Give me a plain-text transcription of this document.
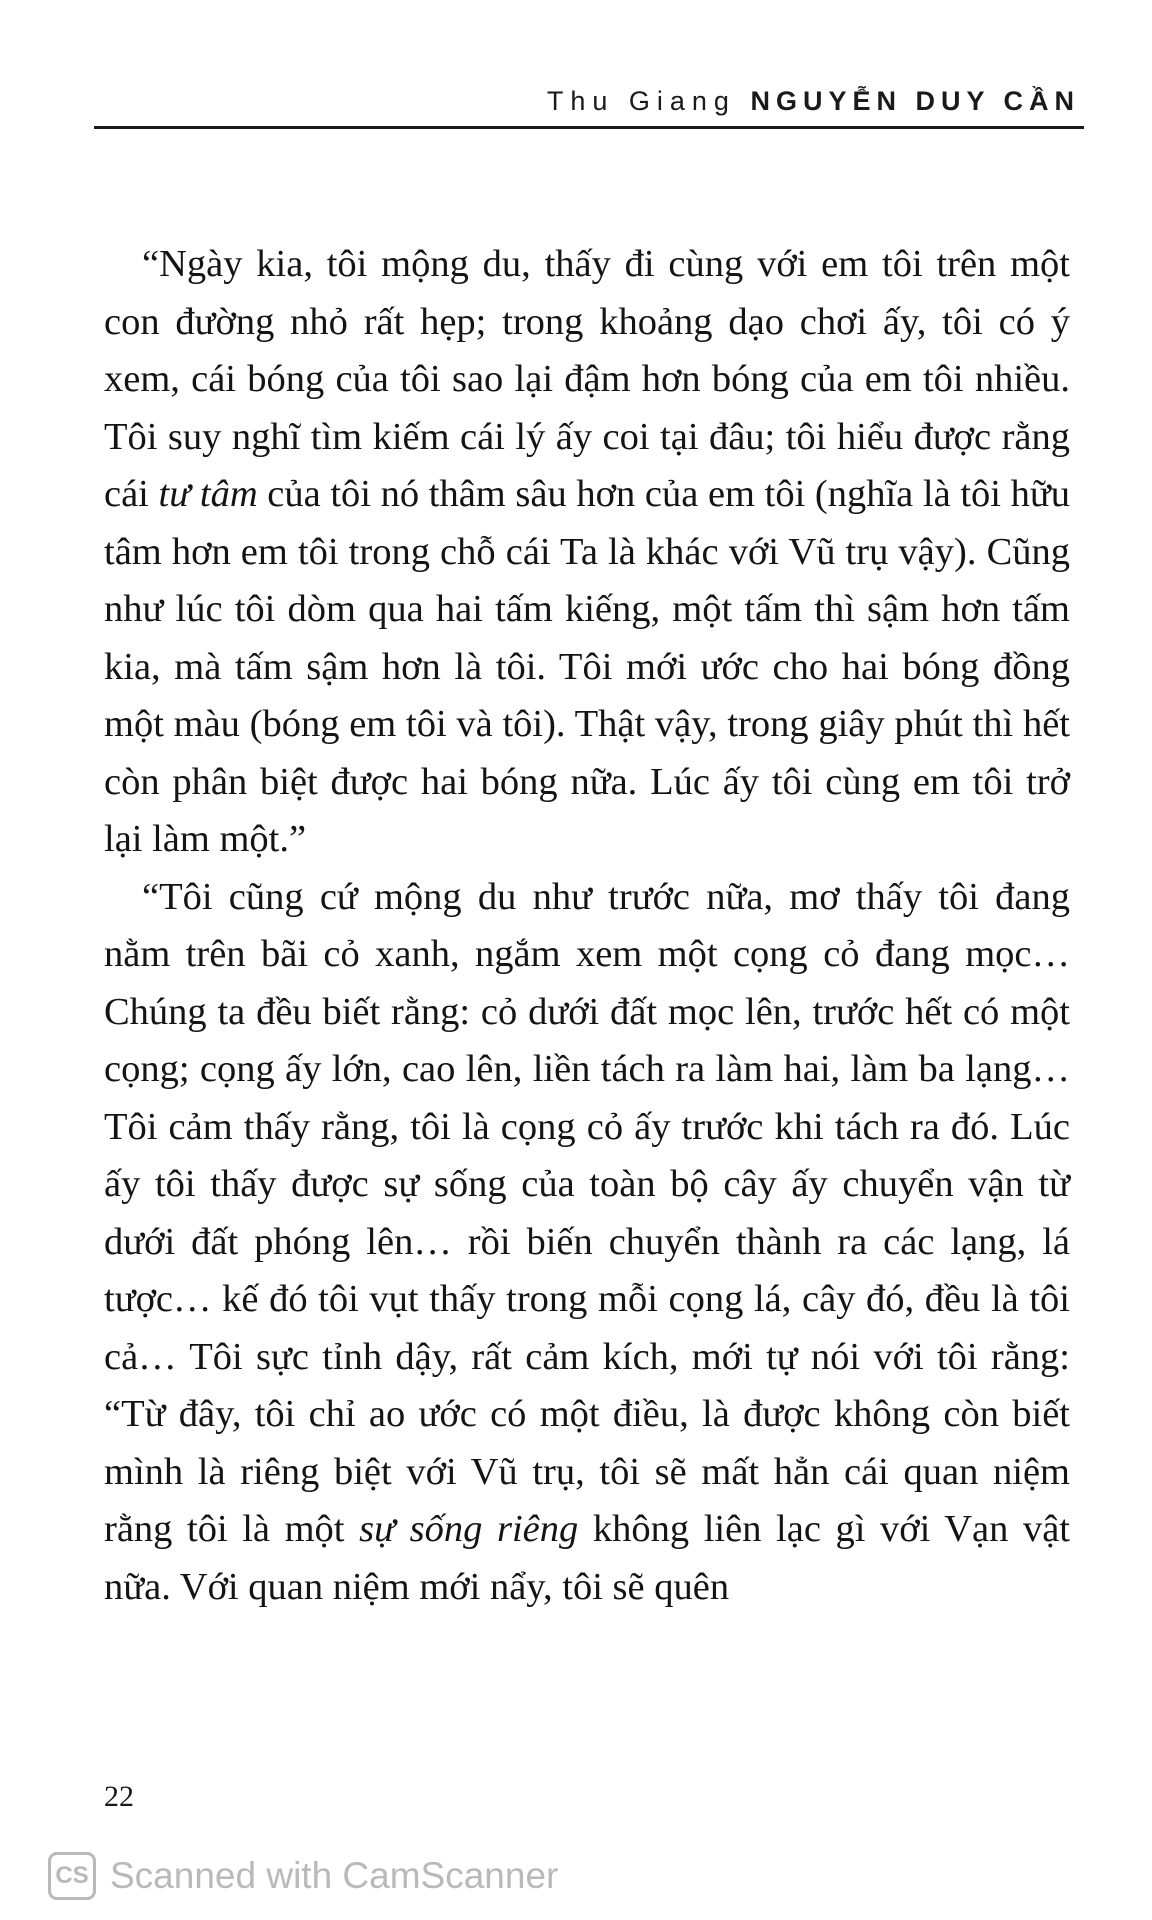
Thu Giang NGUYỄN DUY CẦN

“Ngày kia, tôi mộng du, thấy đi cùng với em tôi trên một con đường nhỏ rất hẹp; trong khoảng dạo chơi ấy, tôi có ý xem, cái bóng của tôi sao lại đậm hơn bóng của em tôi nhiều. Tôi suy nghĩ tìm kiếm cái lý ấy coi tại đâu; tôi hiểu được rằng cái tư tâm của tôi nó thâm sâu hơn của em tôi (nghĩa là tôi hữu tâm hơn em tôi trong chỗ cái Ta là khác với Vũ trụ vậy). Cũng như lúc tôi dòm qua hai tấm kiếng, một tấm thì sậm hơn tấm kia, mà tấm sậm hơn là tôi. Tôi mới ước cho hai bóng đồng một màu (bóng em tôi và tôi). Thật vậy, trong giây phút thì hết còn phân biệt được hai bóng nữa. Lúc ấy tôi cùng em tôi trở lại làm một.”

“Tôi cũng cứ mộng du như trước nữa, mơ thấy tôi đang nằm trên bãi cỏ xanh, ngắm xem một cọng cỏ đang mọc… Chúng ta đều biết rằng: cỏ dưới đất mọc lên, trước hết có một cọng; cọng ấy lớn, cao lên, liền tách ra làm hai, làm ba lạng… Tôi cảm thấy rằng, tôi là cọng cỏ ấy trước khi tách ra đó. Lúc ấy tôi thấy được sự sống của toàn bộ cây ấy chuyển vận từ dưới đất phóng lên… rồi biến chuyển thành ra các lạng, lá tược… kế đó tôi vụt thấy trong mỗi cọng lá, cây đó, đều là tôi cả… Tôi sực tỉnh dậy, rất cảm kích, mới tự nói với tôi rằng: “Từ đây, tôi chỉ ao ước có một điều, là được không còn biết mình là riêng biệt với Vũ trụ, tôi sẽ mất hẳn cái quan niệm rằng tôi là một sự sống riêng không liên lạc gì với Vạn vật nữa. Với quan niệm mới nẩy, tôi sẽ quên

22
CS Scanned with CamScanner
